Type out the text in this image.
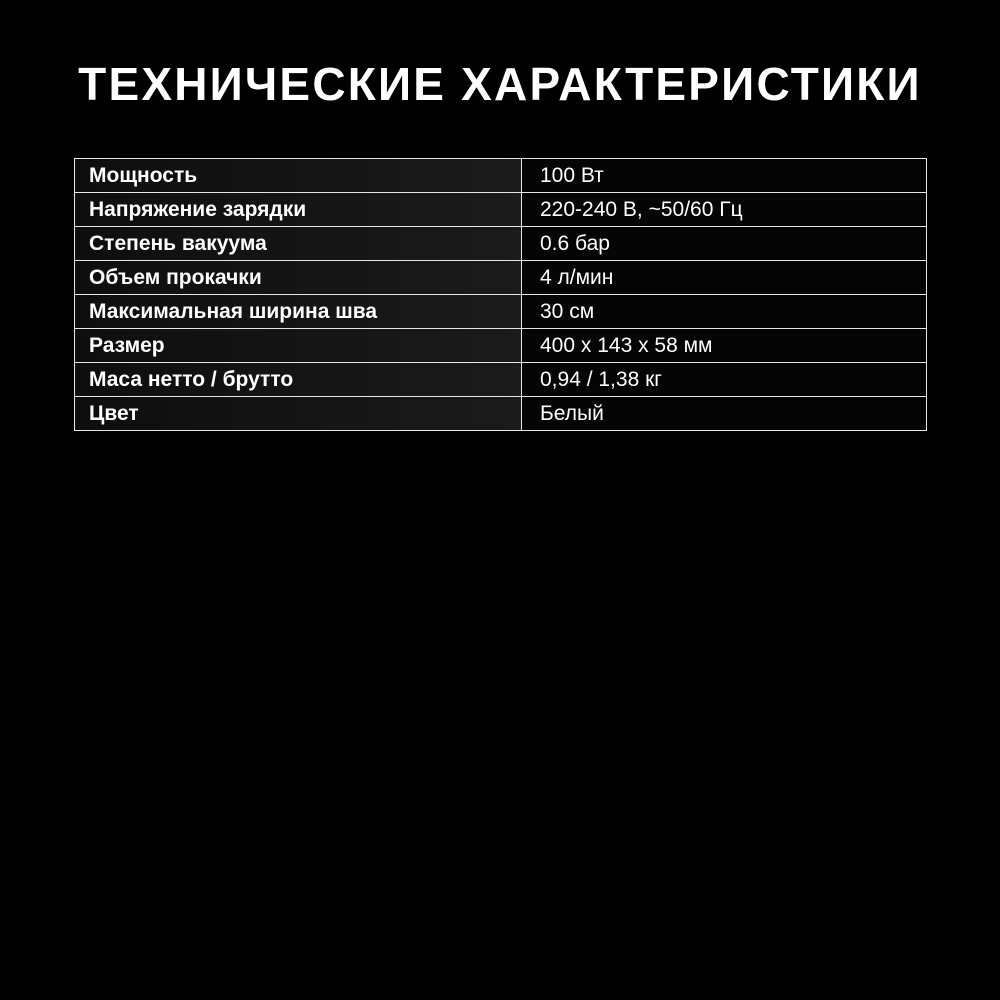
ТЕХНИЧЕСКИЕ ХАРАКТЕРИСТИКИ
Мощность	100 Вт
Напряжение зарядки	220-240 В, ~50/60 Гц
Степень вакуума	0.6 бар
Объем прокачки	4 л/мин
Максимальная ширина шва	30 см
Размер	400 х 143 х 58 мм
Маса нетто / брутто	0,94 / 1,38 кг
Цвет	Белый
